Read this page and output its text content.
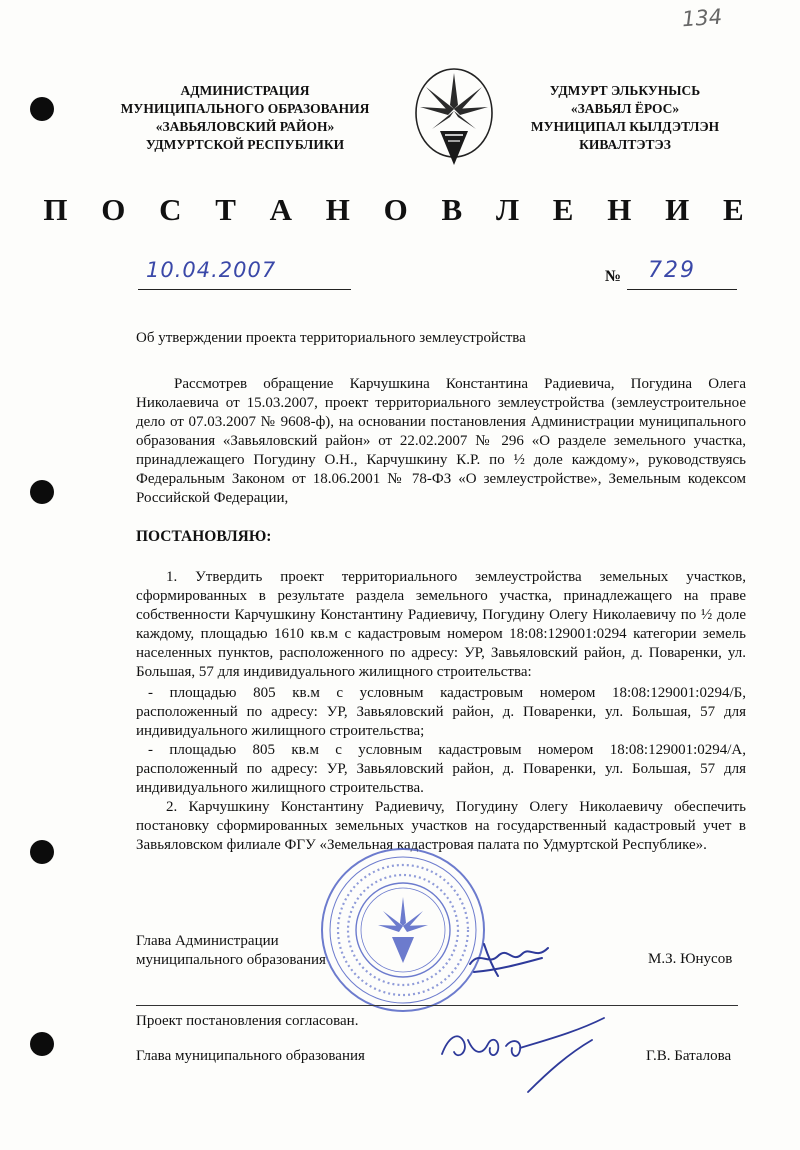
134
АДМИНИСТРАЦИЯ
МУНИЦИПАЛЬНОГО ОБРАЗОВАНИЯ
«ЗАВЬЯЛОВСКИЙ РАЙОН»
УДМУРТСКОЙ РЕСПУБЛИКИ
УДМУРТ ЭЛЬКУНЫСЬ
«ЗАВЬЯЛ ЁРОС»
МУНИЦИПАЛ КЫЛДЭТЛЭН
КИВАЛТЭТЭЗ
П О С Т А Н О В Л Е Н И Е
10.04.2007	№ 729
Об утверждении проекта территориального землеустройства
Рассмотрев обращение Карчушкина Константина Радиевича, Погудина Олега Николаевича от 15.03.2007, проект территориального землеустройства (землеустроительное дело от 07.03.2007 № 9608-ф), на основании постановления Администрации муниципального образования «Завьяловский район» от 22.02.2007 № 296 «О разделе земельного участка, принадлежащего Погудину О.Н., Карчушкину К.Р. по ½ доле каждому», руководствуясь Федеральным Законом от 18.06.2001 № 78-ФЗ «О землеустройстве», Земельным кодексом Российской Федерации,
ПОСТАНОВЛЯЮ:
1. Утвердить проект территориального землеустройства земельных участков, сформированных в результате раздела земельного участка, принадлежащего на праве собственности Карчушкину Константину Радиевичу, Погудину Олегу Николаевичу по ½ доле каждому, площадью 1610 кв.м с кадастровым номером 18:08:129001:0294 категории земель населенных пунктов, расположенного по адресу: УР, Завьяловский район, д. Поваренки, ул. Большая, 57 для индивидуального жилищного строительства:
- площадью 805 кв.м с условным кадастровым номером 18:08:129001:0294/Б, расположенный по адресу: УР, Завьяловский район, д. Поваренки, ул. Большая, 57 для индивидуального жилищного строительства;
- площадью 805 кв.м с условным кадастровым номером 18:08:129001:0294/А, расположенный по адресу: УР, Завьяловский район, д. Поваренки, ул. Большая, 57 для индивидуального жилищного строительства.
2. Карчушкину Константину Радиевичу, Погудину Олегу Николаевичу обеспечить постановку сформированных земельных участков на государственный кадастровый учет в Завьяловском филиале ФГУ «Земельная кадастровая палата по Удмуртской Республике».
Глава Администрации
муниципального образования	М.З. Юнусов
Проект постановления согласован.
Глава муниципального образования	Г.В. Баталова
